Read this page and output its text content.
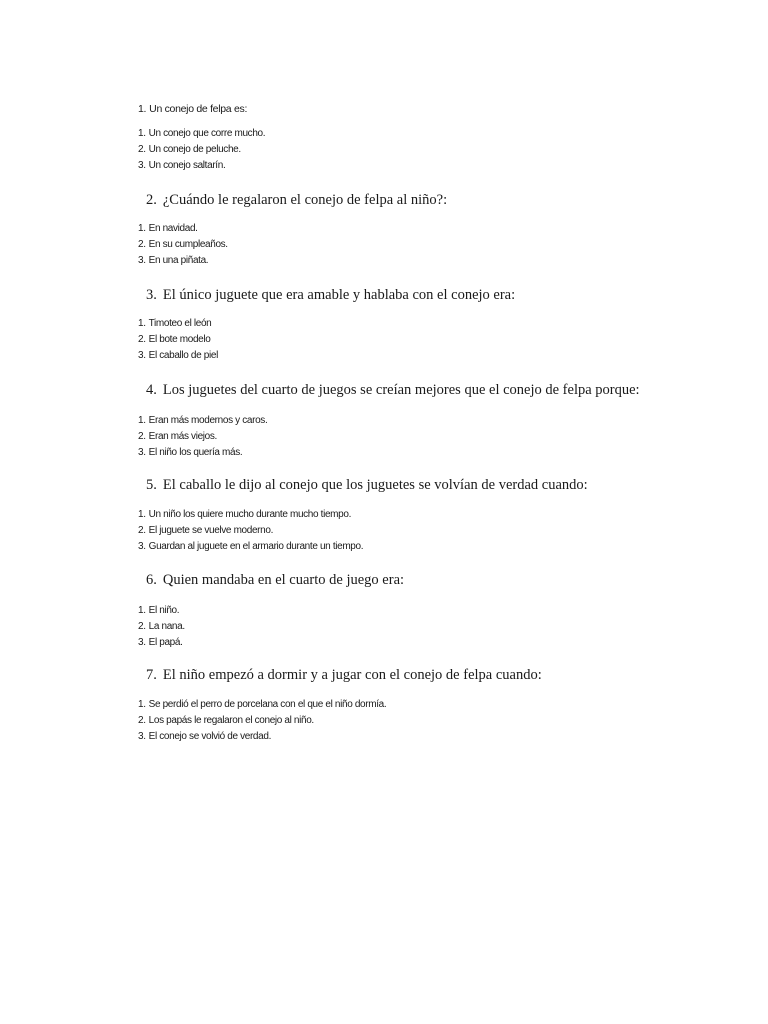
1. Un conejo de felpa es:

1. Un conejo que corre mucho.
2. Un conejo de peluche.
3. Un conejo saltarín.

2. ¿Cuándo le regalaron el conejo de felpa al niño?:

1. En navidad.
2. En su cumpleaños.
3. En una piñata.

3. El único juguete que era amable y hablaba con el conejo era:

1. Timoteo el león
2. El bote modelo
3. El caballo de piel

4. Los juguetes del cuarto de juegos se creían mejores que el conejo de felpa porque:

1. Eran más modernos y caros.
2. Eran más viejos.
3. El niño los quería más.

5. El caballo le dijo al conejo que los juguetes se volvían de verdad cuando:

1. Un niño los quiere mucho durante mucho tiempo.
2. El juguete se vuelve moderno.
3. Guardan al juguete en el armario durante un tiempo.

6. Quien mandaba en el cuarto de juego era:

1. El niño.
2. La nana.
3. El papá.

7. El niño empezó a dormir y a jugar con el conejo de felpa cuando:

1. Se perdió el perro de porcelana con el que el niño dormía.
2. Los papás le regalaron el conejo al niño.
3. El conejo se volvió de verdad.
